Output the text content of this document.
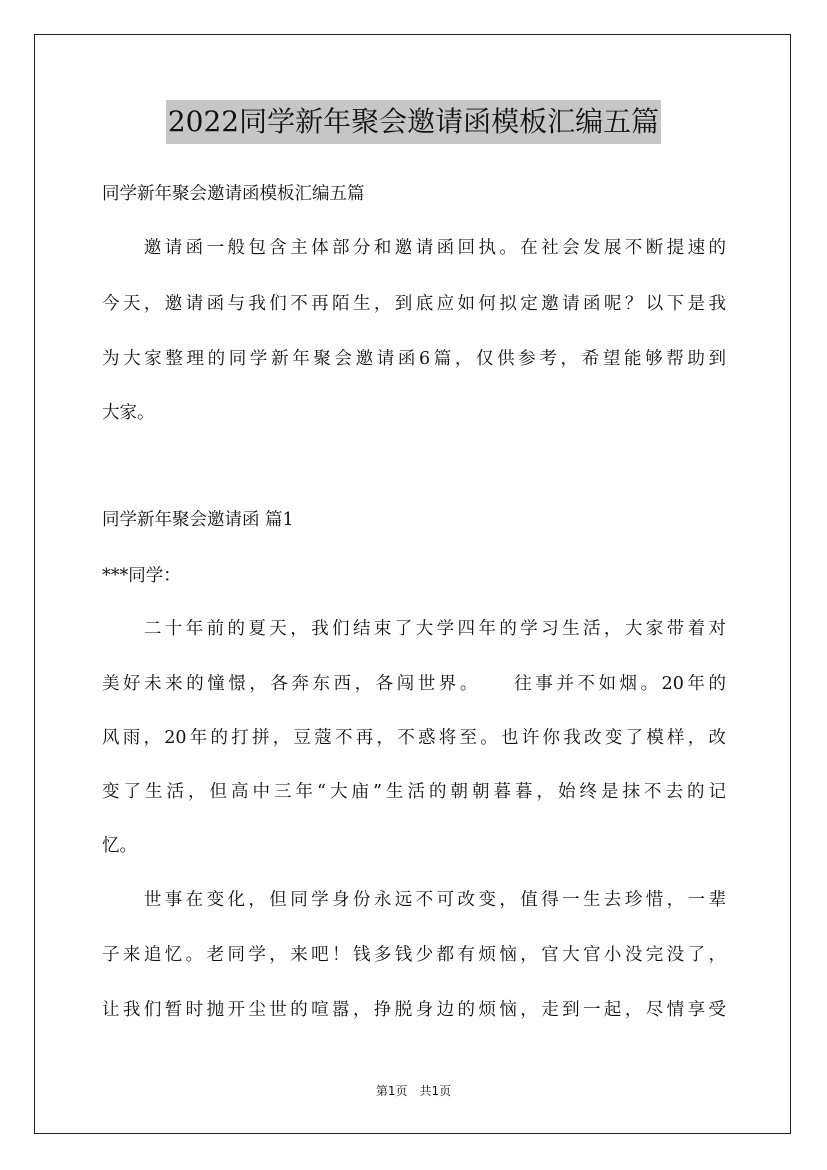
2022同学新年聚会邀请函模板汇编五篇
同学新年聚会邀请函模板汇编五篇
　　邀请函一般包含主体部分和邀请函回执。在社会发展不断提速的
今天，邀请函与我们不再陌生，到底应如何拟定邀请函呢？以下是我
为大家整理的同学新年聚会邀请函6篇，仅供参考，希望能够帮助到
大家。
同学新年聚会邀请函 篇1
***同学：
　　二十年前的夏天，我们结束了大学四年的学习生活，大家带着对
美好未来的憧憬，各奔东西，各闯世界。　　往事并不如烟。20年的
风雨，20年的打拼，豆蔻不再，不惑将至。也许你我改变了模样，改
变了生活，但高中三年“大庙”生活的朝朝暮暮，始终是抹不去的记
忆。
　　世事在变化，但同学身份永远不可改变，值得一生去珍惜，一辈
子来追忆。老同学，来吧！钱多钱少都有烦恼，官大官小没完没了，
让我们暂时抛开尘世的喧嚣，挣脱身边的烦恼，走到一起，尽情享受
第1页　共1页
